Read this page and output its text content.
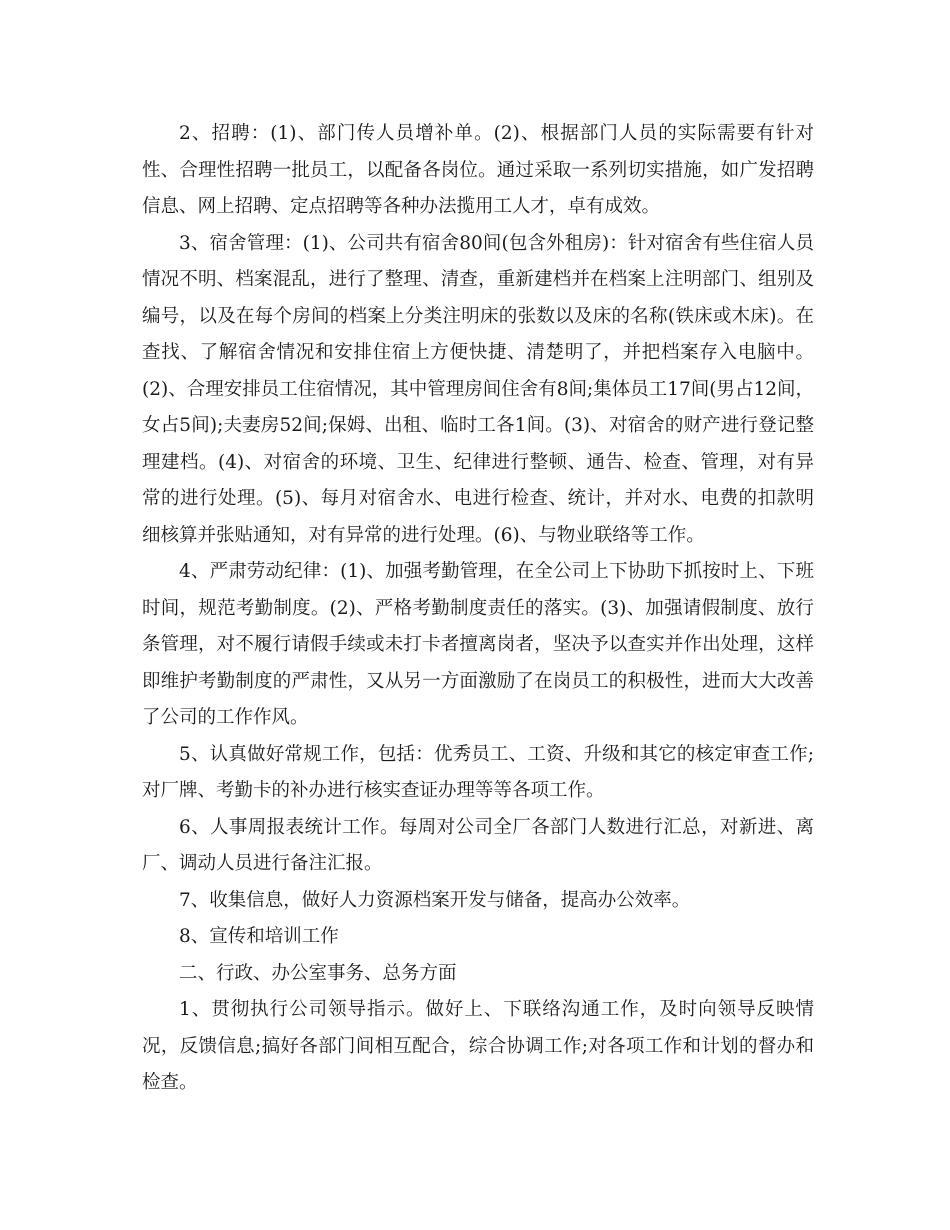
2、招聘：(1)、部门传人员增补单。(2)、根据部门人员的实际需要有针对性、合理性招聘一批员工，以配备各岗位。通过采取一系列切实措施，如广发招聘信息、网上招聘、定点招聘等各种办法揽用工人才，卓有成效。

3、宿舍管理：(1)、公司共有宿舍80间(包含外租房)：针对宿舍有些住宿人员情况不明、档案混乱，进行了整理、清查，重新建档并在档案上注明部门、组别及编号，以及在每个房间的档案上分类注明床的张数以及床的名称(铁床或木床)。在查找、了解宿舍情况和安排住宿上方便快捷、清楚明了，并把档案存入电脑中。(2)、合理安排员工住宿情况，其中管理房间住舍有8间;集体员工17间(男占12间，女占5间);夫妻房52间;保姆、出租、临时工各1间。(3)、对宿舍的财产进行登记整理建档。(4)、对宿舍的环境、卫生、纪律进行整顿、通告、检查、管理，对有异常的进行处理。(5)、每月对宿舍水、电进行检查、统计，并对水、电费的扣款明细核算并张贴通知，对有异常的进行处理。(6)、与物业联络等工作。

4、严肃劳动纪律：(1)、加强考勤管理，在全公司上下协助下抓按时上、下班时间，规范考勤制度。(2)、严格考勤制度责任的落实。(3)、加强请假制度、放行条管理，对不履行请假手续或未打卡者擅离岗者，坚决予以查实并作出处理，这样即维护考勤制度的严肃性，又从另一方面激励了在岗员工的积极性，进而大大改善了公司的工作作风。

5、认真做好常规工作，包括：优秀员工、工资、升级和其它的核定审查工作;对厂牌、考勤卡的补办进行核实查证办理等等各项工作。

6、人事周报表统计工作。每周对公司全厂各部门人数进行汇总，对新进、离厂、调动人员进行备注汇报。

7、收集信息，做好人力资源档案开发与储备，提高办公效率。

8、宣传和培训工作

二、行政、办公室事务、总务方面

1、贯彻执行公司领导指示。做好上、下联络沟通工作，及时向领导反映情况，反馈信息;搞好各部门间相互配合，综合协调工作;对各项工作和计划的督办和检查。
